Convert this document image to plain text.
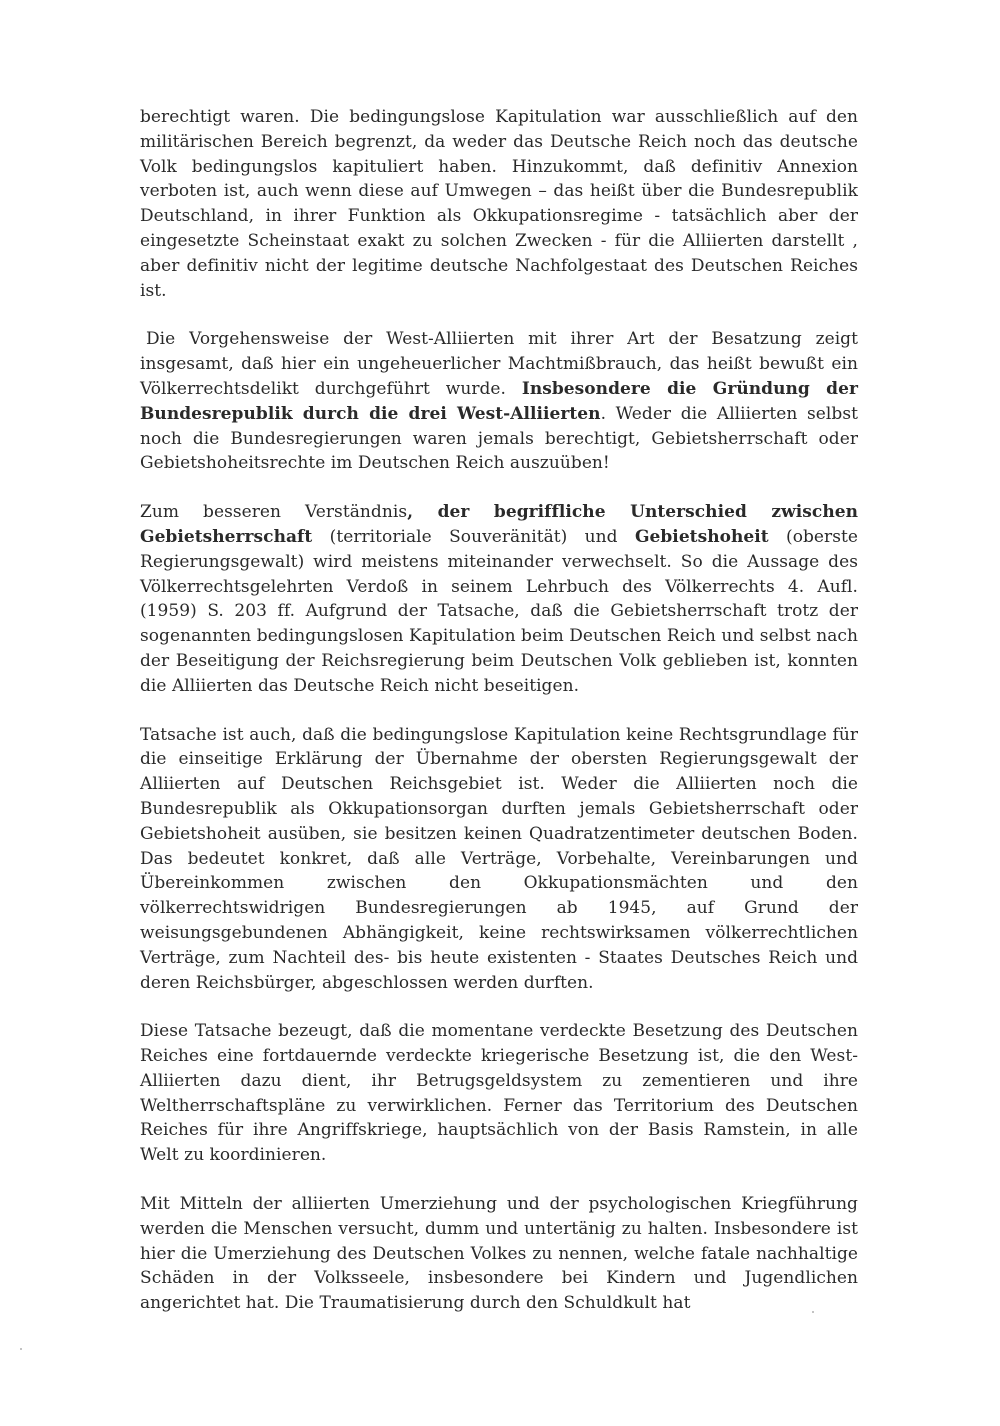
berechtigt waren. Die bedingungslose Kapitulation war ausschließlich auf den militärischen Bereich begrenzt, da weder das Deutsche Reich noch das deutsche Volk bedingungslos kapituliert haben. Hinzukommt, daß definitiv Annexion verboten ist, auch wenn diese auf Umwegen – das heißt über die Bundesrepublik Deutschland, in ihrer Funktion als Okkupationsregime - tatsächlich aber der eingesetzte Scheinstaat exakt zu solchen Zwecken - für die Alliierten darstellt , aber definitiv nicht der legitime deutsche Nachfolgestaat des Deutschen Reiches ist.

Die Vorgehensweise der West-Alliierten mit ihrer Art der Besatzung zeigt insgesamt, daß hier ein ungeheuerlicher Machtmißbrauch, das heißt bewußt ein Völkerrechtsdelikt durchgeführt wurde. Insbesondere die Gründung der Bundesrepublik durch die drei West-Alliierten. Weder die Alliierten selbst noch die Bundesregierungen waren jemals berechtigt, Gebietsherrschaft oder Gebietshoheitsrechte im Deutschen Reich auszuüben!

Zum besseren Verständnis, der begriffliche Unterschied zwischen Gebietsherrschaft (territoriale Souveränität) und Gebietshoheit (oberste Regierungsgewalt) wird meistens miteinander verwechselt. So die Aussage des Völkerrechtsgelehrten Verdoß in seinem Lehrbuch des Völkerrechts 4. Aufl. (1959) S. 203 ff. Aufgrund der Tatsache, daß die Gebietsherrschaft trotz der sogenannten bedingungslosen Kapitulation beim Deutschen Reich und selbst nach der Beseitigung der Reichsregierung beim Deutschen Volk geblieben ist, konnten die Alliierten das Deutsche Reich nicht beseitigen.

Tatsache ist auch, daß die bedingungslose Kapitulation keine Rechtsgrundlage für die einseitige Erklärung der Übernahme der obersten Regierungsgewalt der Alliierten auf Deutschen Reichsgebiet ist. Weder die Alliierten noch die Bundesrepublik als Okkupationsorgan durften jemals Gebietsherrschaft oder Gebietshoheit ausüben, sie besitzen keinen Quadratzentimeter deutschen Boden. Das bedeutet konkret, daß alle Verträge, Vorbehalte, Vereinbarungen und Übereinkommen zwischen den Okkupationsmächten und den völkerrechtswidrigen Bundesregierungen ab 1945, auf Grund der weisungsgebundenen Abhängigkeit, keine rechtswirksamen völkerrechtlichen Verträge, zum Nachteil des- bis heute existenten - Staates Deutsches Reich und deren Reichsbürger, abgeschlossen werden durften.

Diese Tatsache bezeugt, daß die momentane verdeckte Besetzung des Deutschen Reiches eine fortdauernde verdeckte kriegerische Besetzung ist, die den West-Alliierten dazu dient, ihr Betrugsgeldsystem zu zementieren und ihre Weltherrschaftspläne zu verwirklichen. Ferner das Territorium des Deutschen Reiches für ihre Angriffskriege, hauptsächlich von der Basis Ramstein, in alle Welt zu koordinieren.

Mit Mitteln der alliierten Umerziehung und der psychologischen Kriegführung werden die Menschen versucht, dumm und untertänig zu halten. Insbesondere ist hier die Umerziehung des Deutschen Volkes zu nennen, welche fatale nachhaltige Schäden in der Volksseele, insbesondere bei Kindern und Jugendlichen angerichtet hat. Die Traumatisierung durch den Schuldkult hat
